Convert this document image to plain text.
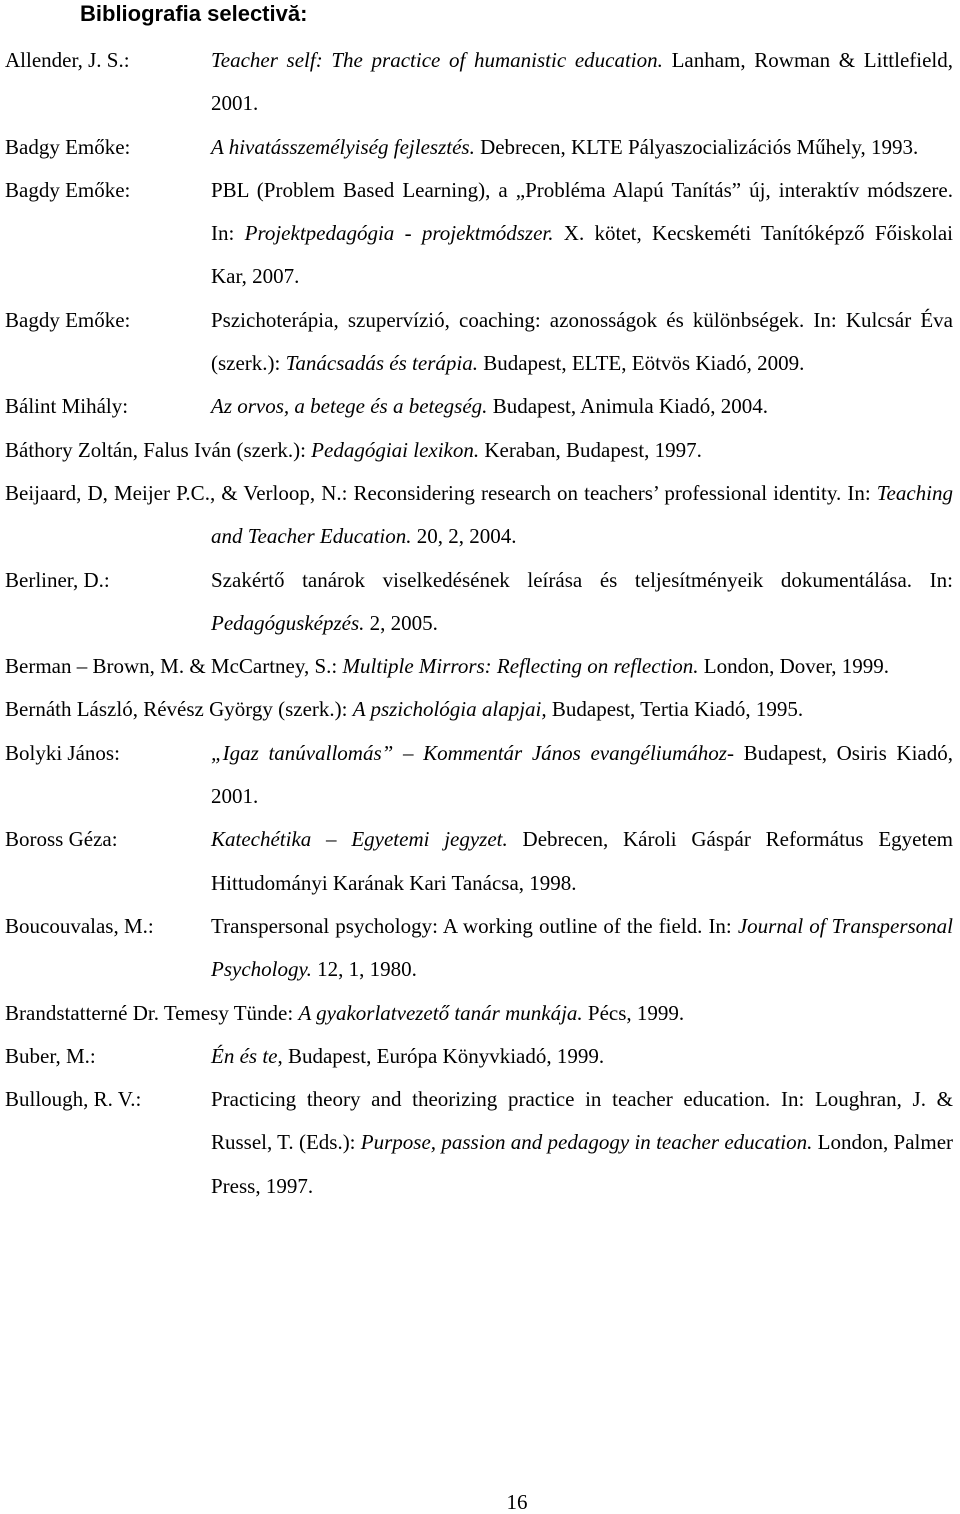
Bibliografia selectivă:
Allender, J. S.:	Teacher self: The practice of humanistic education. Lanham, Rowman & Littlefield, 2001.
Badgy Emőke:	A hivatásszemélyiség fejlesztés. Debrecen, KLTE Pályaszocializációs Műhely, 1993.
Bagdy Emőke:	PBL (Problem Based Learning), a „Probléma Alapú Tanítás” új, interaktív módszere. In: Projektpedagógia - projektmódszer. X. kötet, Kecskeméti Tanítóképző Főiskolai Kar, 2007.
Bagdy Emőke:	Pszichoterápia, szupervízió, coaching: azonosságok és különbségek. In: Kulcsár Éva (szerk.): Tanácsadás és terápia. Budapest, ELTE, Eötvös Kiadó, 2009.
Bálint Mihály:	Az orvos, a betege és a betegség. Budapest, Animula Kiadó, 2004.
Báthory Zoltán, Falus Iván (szerk.): Pedagógiai lexikon. Keraban, Budapest, 1997.
Beijaard, D, Meijer P.C., & Verloop, N.: Reconsidering research on teachers’ professional identity. In: Teaching and Teacher Education. 20, 2, 2004.
Berliner, D.:	Szakértő tanárok viselkedésének leírása és teljesítményeik dokumentálása. In: Pedagógusképzés. 2, 2005.
Berman – Brown, M. & McCartney, S.: Multiple Mirrors: Reflecting on reflection. London, Dover, 1999.
Bernáth László, Révész György (szerk.): A pszichológia alapjai, Budapest, Tertia Kiadó, 1995.
Bolyki János:	„Igaz tanúvallomás” – Kommentár János evangéliumához- Budapest, Osiris Kiadó, 2001.
Boross Géza:	Katechétika – Egyetemi jegyzet. Debrecen, Károli Gáspár Református Egyetem Hittudományi Karának Kari Tanácsa, 1998.
Boucouvalas, M.:	Transpersonal psychology: A working outline of the field. In: Journal of Transpersonal Psychology. 12, 1, 1980.
Brandstatterné Dr. Temesy Tünde: A gyakorlatvezető tanár munkája. Pécs, 1999.
Buber, M.:	Én és te, Budapest, Európa Könyvkiadó, 1999.
Bullough, R. V.:	Practicing theory and theorizing practice in teacher education. In: Loughran, J. & Russel, T. (Eds.): Purpose, passion and pedagogy in teacher education. London, Palmer Press, 1997.
16
